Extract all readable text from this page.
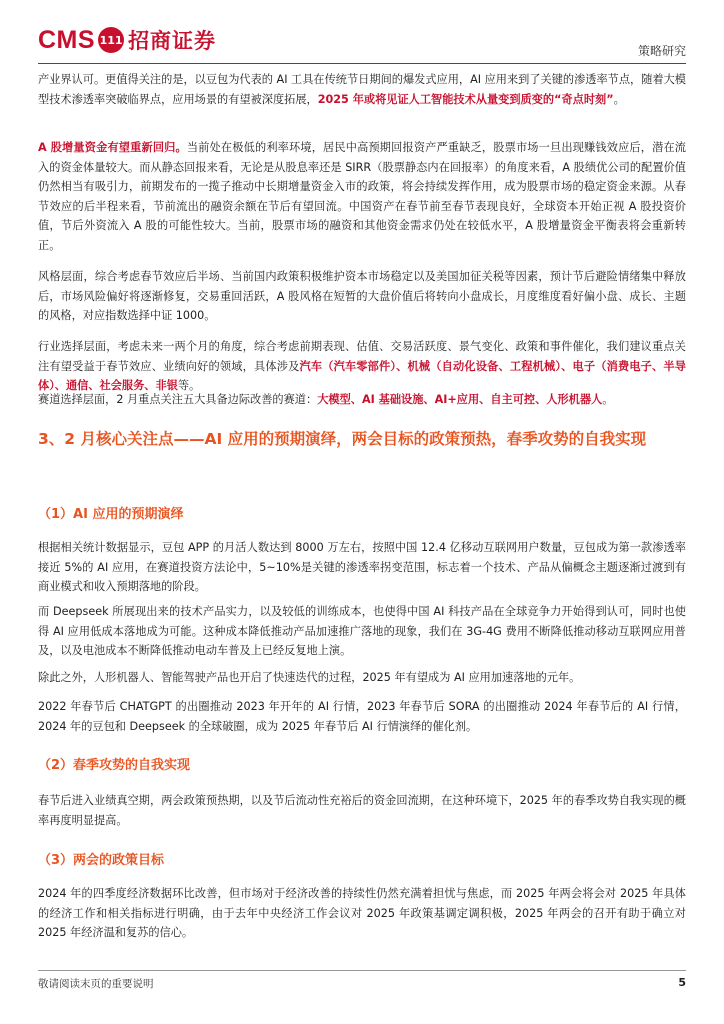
CMS 111 招商证券	策略研究

产业界认可。更值得关注的是，以豆包为代表的 AI 工具在传统节日期间的爆发式应用，AI 应用来到了关键的渗透率节点，随着大模型技术渗透率突破临界点，应用场景的有望被深度拓展，2025 年或将见证人工智能技术从量变到质变的“奇点时刻”。

A 股增量资金有望重新回归。当前处在极低的利率环境，居民中高预期回报资产严重缺乏，股票市场一旦出现赚钱效应后，潜在流入的资金体量较大。而从静态回报来看，无论是从股息率还是 SIRR（股票静态内在回报率）的角度来看，A 股绩优公司的配置价值仍然相当有吸引力，前期发布的一揽子推动中长期增量资金入市的政策，将会持续发挥作用，成为股票市场的稳定资金来源。从春节效应的后半程来看，节前流出的融资余额在节后有望回流。中国资产在春节前至春节表现良好，全球资本开始正视 A 股投资价值，节后外资流入 A 股的可能性较大。当前，股票市场的融资和其他资金需求仍处在较低水平，A 股增量资金平衡表将会重新转正。

风格层面，综合考虑春节效应后半场、当前国内政策积极维护资本市场稳定以及美国加征关税等因素，预计节后避险情绪集中释放后，市场风险偏好将逐渐修复，交易重回活跃，A 股风格在短暂的大盘价值后将转向小盘成长，月度维度看好偏小盘、成长、主题的风格，对应指数选择中证 1000。

行业选择层面，考虑未来一两个月的角度，综合考虑前期表现、估值、交易活跃度、景气变化、政策和事件催化，我们建议重点关注有望受益于春节效应、业绩向好的领域，具体涉及汽车（汽车零部件）、机械（自动化设备、工程机械）、电子（消费电子、半导体）、通信、社会服务、非银等。

赛道选择层面，2 月重点关注五大具备边际改善的赛道：大模型、AI 基础设施、AI+应用、自主可控、人形机器人。

3、2 月核心关注点——AI 应用的预期演绎，两会目标的政策预热，春季攻势的自我实现
（1）AI 应用的预期演绎

根据相关统计数据显示，豆包 APP 的月活人数达到 8000 万左右，按照中国 12.4 亿移动互联网用户数量，豆包成为第一款渗透率接近 5%的 AI 应用，在赛道投资方法论中，5~10%是关键的渗透率拐变范围，标志着一个技术、产品从偏概念主题逐渐过渡到有商业模式和收入预期落地的阶段。

而 Deepseek 所展现出来的技术产品实力，以及较低的训练成本，也使得中国 AI 科技产品在全球竞争力开始得到认可，同时也使得 AI 应用低成本落地成为可能。这种成本降低推动产品加速推广落地的现象，我们在 3G-4G 费用不断降低推动移动互联网应用普及，以及电池成本不断降低推动电动车普及上已经反复地上演。

除此之外，人形机器人、智能驾驶产品也开启了快速迭代的过程，2025 年有望成为 AI 应用加速落地的元年。

2022 年春节后 CHATGPT 的出圈推动 2023 年开年的 AI 行情，2023 年春节后 SORA 的出圈推动 2024 年春节后的 AI 行情，2024 年的豆包和 Deepseek 的全球破圈，成为 2025 年春节后 AI 行情演绎的催化剂。

（2）春季攻势的自我实现

春节后进入业绩真空期，两会政策预热期，以及节后流动性充裕后的资金回流期，在这种环境下，2025 年的春季攻势自我实现的概率再度明显提高。

（3）两会的政策目标

2024 年的四季度经济数据环比改善，但市场对于经济改善的持续性仍然充满着担忧与焦虑，而 2025 年两会将会对 2025 年具体的经济工作和相关指标进行明确，由于去年中央经济工作会议对 2025 年政策基调定调积极，2025 年两会的召开有助于确立对 2025 年经济温和复苏的信心。

敬请阅读末页的重要说明	5
